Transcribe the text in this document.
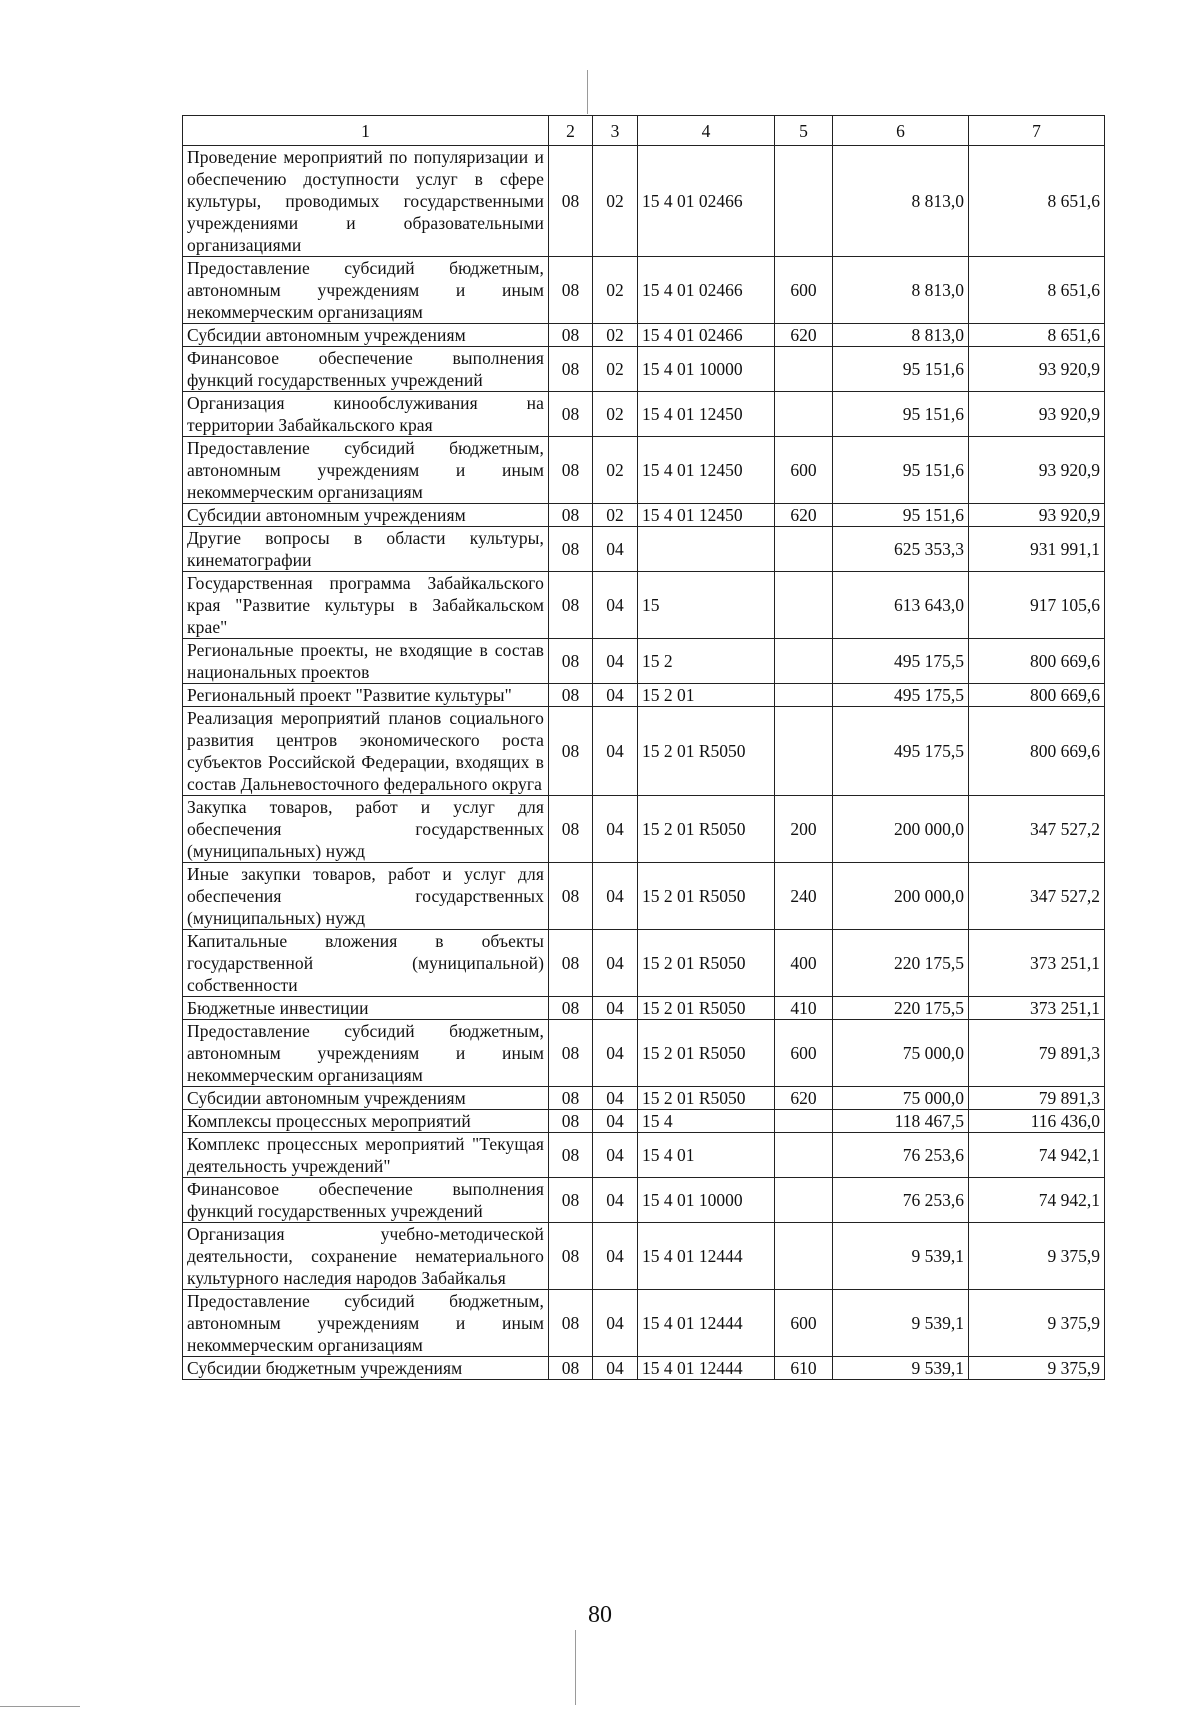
1	2	3	4	5	6	7
Проведение мероприятий по популяризации и обеспечению доступности услуг в сфере культуры, проводимых государственными учреждениями и образовательными организациями	08	02	15 4 01 02466		8 813,0	8 651,6
Предоставление субсидий бюджетным, автономным учреждениям и иным некоммерческим организациям	08	02	15 4 01 02466	600	8 813,0	8 651,6
Субсидии автономным учреждениям	08	02	15 4 01 02466	620	8 813,0	8 651,6
Финансовое обеспечение выполнения функций государственных учреждений	08	02	15 4 01 10000		95 151,6	93 920,9
Организация кинообслуживания на территории Забайкальского края	08	02	15 4 01 12450		95 151,6	93 920,9
Предоставление субсидий бюджетным, автономным учреждениям и иным некоммерческим организациям	08	02	15 4 01 12450	600	95 151,6	93 920,9
Субсидии автономным учреждениям	08	02	15 4 01 12450	620	95 151,6	93 920,9
Другие вопросы в области культуры, кинематографии	08	04			625 353,3	931 991,1
Государственная программа Забайкальского края "Развитие культуры в Забайкальском крае"	08	04	15		613 643,0	917 105,6
Региональные проекты, не входящие в состав национальных проектов	08	04	15 2		495 175,5	800 669,6
Региональный проект "Развитие культуры"	08	04	15 2 01		495 175,5	800 669,6
Реализация мероприятий планов социального развития центров экономического роста субъектов Российской Федерации, входящих в состав Дальневосточного федерального округа	08	04	15 2 01 R5050		495 175,5	800 669,6
Закупка товаров, работ и услуг для обеспечения государственных (муниципальных) нужд	08	04	15 2 01 R5050	200	200 000,0	347 527,2
Иные закупки товаров, работ и услуг для обеспечения государственных (муниципальных) нужд	08	04	15 2 01 R5050	240	200 000,0	347 527,2
Капитальные вложения в объекты государственной (муниципальной) собственности	08	04	15 2 01 R5050	400	220 175,5	373 251,1
Бюджетные инвестиции	08	04	15 2 01 R5050	410	220 175,5	373 251,1
Предоставление субсидий бюджетным, автономным учреждениям и иным некоммерческим организациям	08	04	15 2 01 R5050	600	75 000,0	79 891,3
Субсидии автономным учреждениям	08	04	15 2 01 R5050	620	75 000,0	79 891,3
Комплексы процессных мероприятий	08	04	15 4		118 467,5	116 436,0
Комплекс процессных мероприятий "Текущая деятельность учреждений"	08	04	15 4 01		76 253,6	74 942,1
Финансовое обеспечение выполнения функций государственных учреждений	08	04	15 4 01 10000		76 253,6	74 942,1
Организация учебно-методической деятельности, сохранение нематериального культурного наследия народов Забайкалья	08	04	15 4 01 12444		9 539,1	9 375,9
Предоставление субсидий бюджетным, автономным учреждениям и иным некоммерческим организациям	08	04	15 4 01 12444	600	9 539,1	9 375,9
Субсидии бюджетным учреждениям	08	04	15 4 01 12444	610	9 539,1	9 375,9
80
